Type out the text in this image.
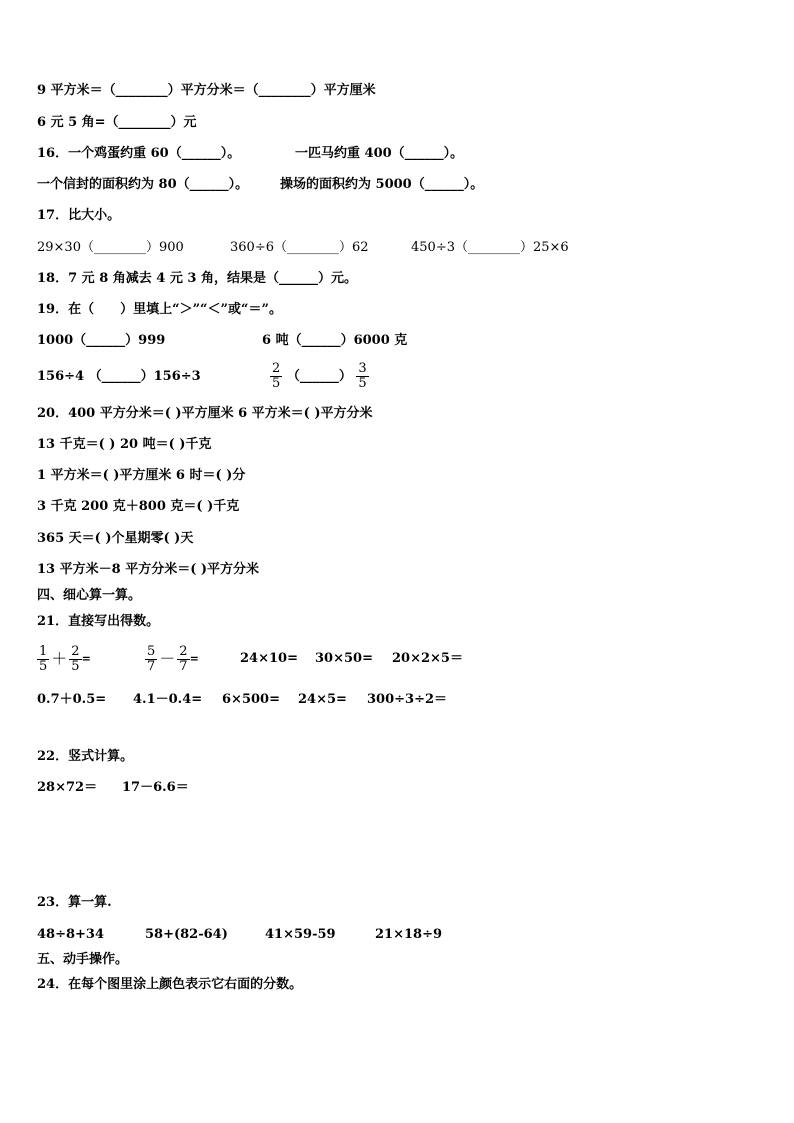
9 平方米＝（________）平方分米＝（________）平方厘米
6 元 5 角=（________）元
16．一个鸡蛋约重 60（______）。	一匹马约重 400（______）。
一个信封的面积约为 80（______）。 操场的面积约为 5000（______）。
17．比大小。
29×30（________）900	360÷6（________）62	450÷3（________）25×6
18．7 元 8 角减去 4 元 3 角，结果是（______）元。
19．在（　　）里填上“＞”“＜”或“＝”。
1000（______）999	6 吨（______）6000 克
156÷4 （______）156÷3	$\frac{2}{5}$ （______） $\frac{3}{5}$
20．400 平方分米＝( )平方厘米 6 平方米＝( )平方分米
13 千克＝( ) 20 吨＝( )千克
1 平方米＝( )平方厘米 6 时＝( )分
3 千克 200 克＋800 克＝( )千克
365 天＝( )个星期零( )天
13 平方米－8 平方分米＝( )平方分米
四、细心算一算。
21．直接写出得数。
$\frac{1}{5} + \frac{2}{5}$ =	$\frac{5}{7} - \frac{2}{7}$ =	24×10= 30×50= 20×2×5＝
0.7＋0.5= 4.1－0.4= 6×500= 24×5= 300÷3÷2＝
22．竖式计算。
28×72＝ 17－6.6＝
23．算一算.
48÷8+34	58+(82-64)	41×59-59	21×18÷9
五、动手操作。
24．在每个图里涂上颜色表示它右面的分数。
